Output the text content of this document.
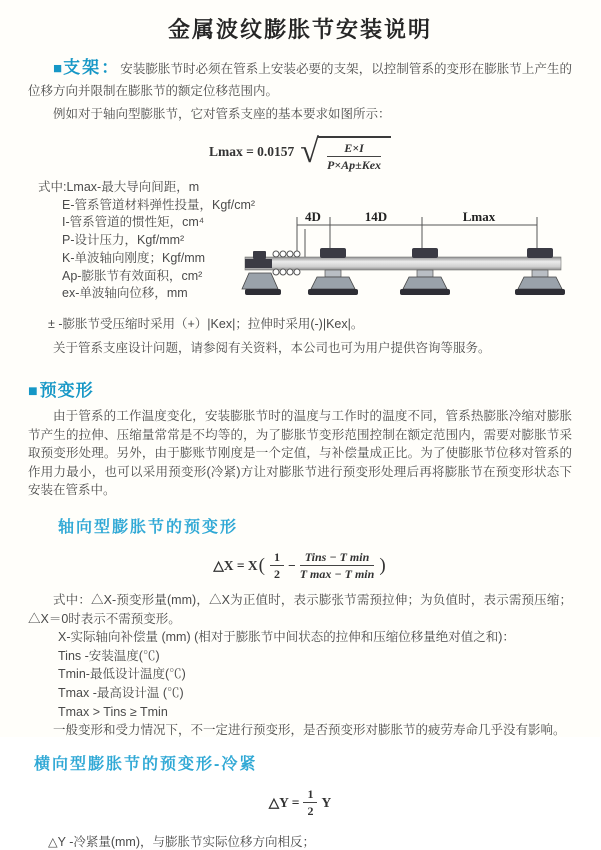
金属波纹膨胀节安装说明

■支架：安装膨胀节时必须在管系上安装必要的支架，以控制管系的变形在膨胀节上产生的位移方向并限制在膨胀节的额定位移范围内。

例如对于轴向型膨胀节，它对管系支座的基本要求如图所示：

Lmax = 0.0157 √ $\frac{E\times I}{\text{P×Ap±Kex}}$
式中:Lmax-最大导向间距，m
E-管系管道材料弹性投量，Kgf/cm²
I-管系管道的惯性矩，cm⁴
P-设计压力，Kgf/mm²
K-单波轴向刚度；Kgf/mm
Ap-膨胀节有效面积，cm²
ex-单波轴向位移，mm
4D	14D	Lmax
± -膨胀节受压缩时采用（+）|Kex|；拉伸时采用(-)|Kex|。

关于管系支座设计问题，请参阅有关资料，本公司也可为用户提供咨询等服务。

■预变形

由于管系的工作温度变化，安装膨胀节时的温度与工作时的温度不同，管系热膨胀冷缩对膨胀节产生的拉伸、压缩量常常是不均等的，为了膨胀节变形范围控制在额定范围内，需要对膨胀节采取预变形处理。另外，由于膨账节刚度是一个定值，与补偿量成正比。为了使膨胀节位移对管系的作用力最小，也可以采用预变形(冷紧)方让对膨胀节进行预变形处理后再将膨胀节在预变形状态下安装在管系中。

轴向型膨胀节的预变形
△X = X ( $\frac{1}{2} - \frac{\text{Tins − T min}}{\text{T max − T min}}$ )

式中：△X-预变形量(mm)，△X为正值时，表示膨张节需预拉伸；为负值时，表示需预压缩；△X＝0时表示不需预变形。

X-实际轴向补偿量 (mm) (相对于膨胀节中间状态的拉伸和压缩位移量绝对值之和)：
Tins -安装温度(℃)
Tmin-最低设计温度(℃)
Tmax -最高设计温 (℃)
Tmax > Tins ≥ Tmin
一般变形和受力情况下，不一定进行预变形，是否预变形对膨胀节的疲劳寿命几乎没有影响。
横向型膨胀节的预变形-冷紧
△Y = $\frac{1}{2}$ Y
△Y -冷紧量(mm)，与膨胀节实际位移方向相反；
